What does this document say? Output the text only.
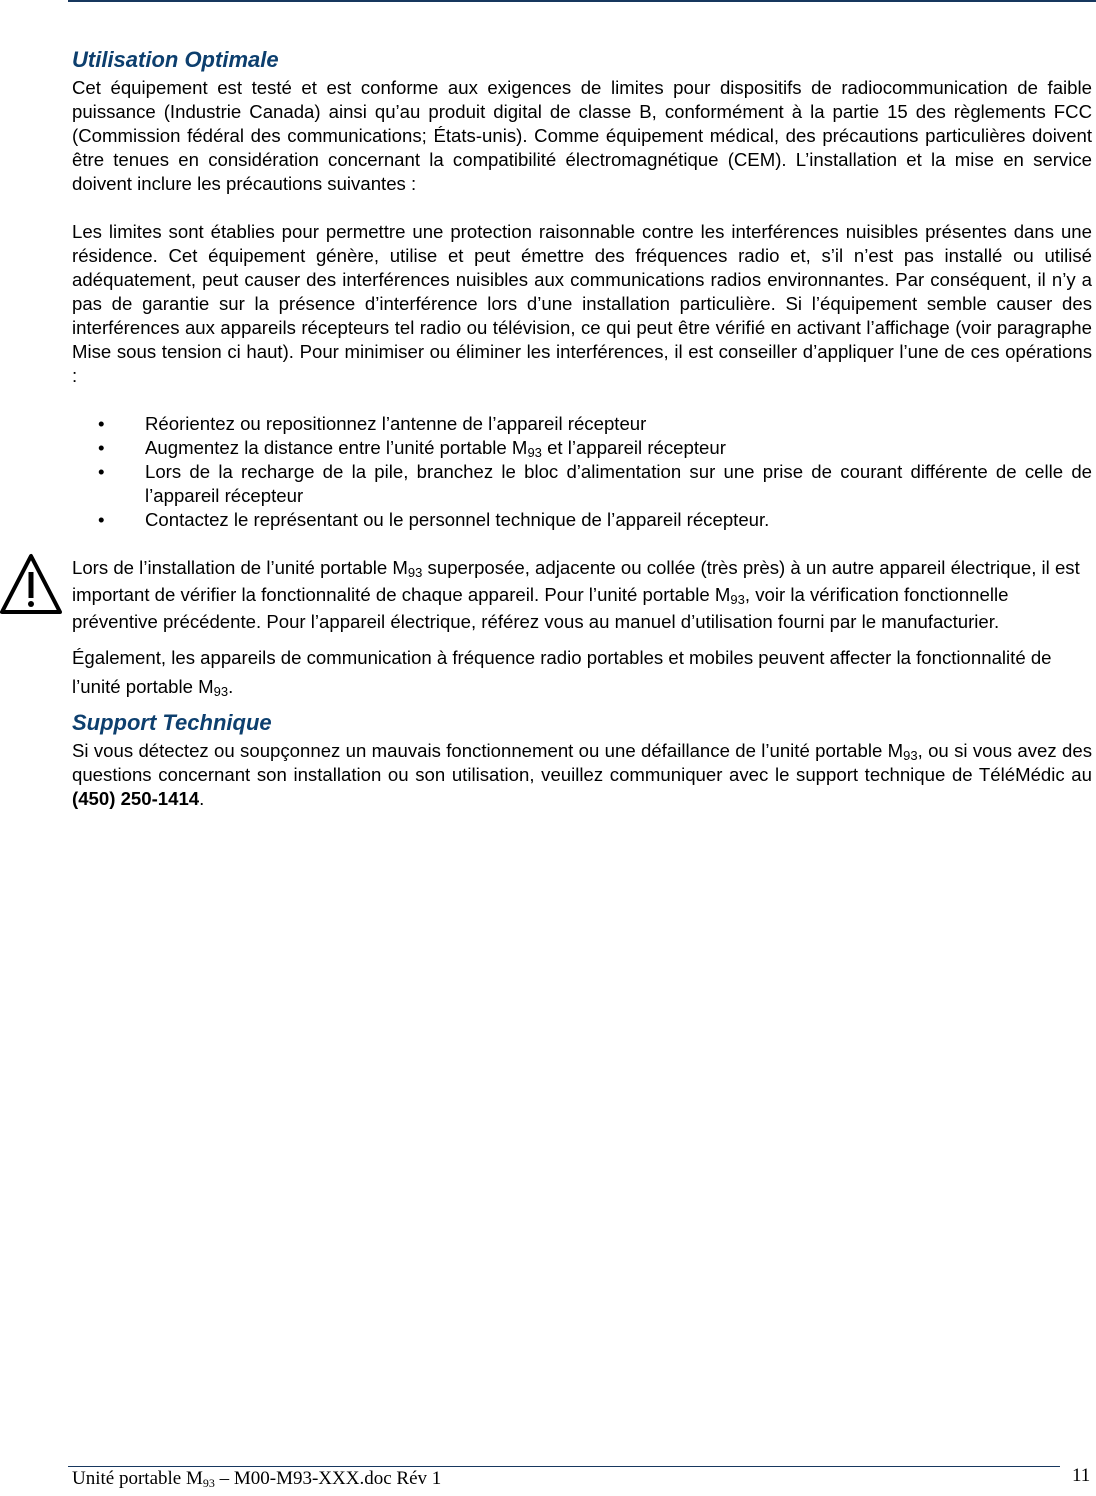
Utilisation Optimale

Cet équipement est testé et est conforme aux exigences de limites pour dispositifs de radiocommunication de faible puissance (Industrie Canada) ainsi qu’au produit digital de classe B, conformément à la partie 15 des règlements FCC (Commission fédéral des communications; États-unis). Comme équipement médical, des précautions particulières doivent être tenues en considération concernant la compatibilité électromagnétique (CEM). L’installation et la mise en service doivent inclure les précautions suivantes :

Les limites sont établies pour permettre une protection raisonnable contre les interférences nuisibles présentes dans une résidence. Cet équipement génère, utilise et peut émettre des fréquences radio et, s’il n’est pas installé ou utilisé adéquatement, peut causer des interférences nuisibles aux communications radios environnantes. Par conséquent, il n’y a pas de garantie sur la présence d’interférence lors d’une installation particulière. Si l’équipement semble causer des interférences aux appareils récepteurs tel radio ou télévision, ce qui peut être vérifié en activant l’affichage (voir paragraphe Mise sous tension ci haut). Pour minimiser ou éliminer les interférences, il est conseiller d’appliquer l’une de ces opérations :

• Réorientez ou repositionnez l’antenne de l’appareil récepteur
• Augmentez la distance entre l’unité portable $M_{93}$ et l’appareil récepteur
• Lors de la recharge de la pile, branchez le bloc d’alimentation sur une prise de courant différente de celle de l’appareil récepteur
• Contactez le représentant ou le personnel technique de l’appareil récepteur.

Lors de l’installation de l’unité portable $M_{93}$ superposée, adjacente ou collée (très près) à un autre appareil électrique, il est important de vérifier la fonctionnalité de chaque appareil. Pour l’unité portable $M_{93}$, voir la vérification fonctionnelle préventive précédente. Pour l’appareil électrique, référez vous au manuel d’utilisation fourni par le manufacturier.

Également, les appareils de communication à fréquence radio portables et mobiles peuvent affecter la fonctionnalité de l’unité portable $M_{93}$.

Support Technique

Si vous détectez ou soupçonnez un mauvais fonctionnement ou une défaillance de l’unité portable $M_{93}$, ou si vous avez des questions concernant son installation ou son utilisation, veuillez communiquer avec le support technique de TéléMédic au (450) 250-1414.

Unité portable $M_{93} - M00-M93-XXX.doc$ Rév 1	11
